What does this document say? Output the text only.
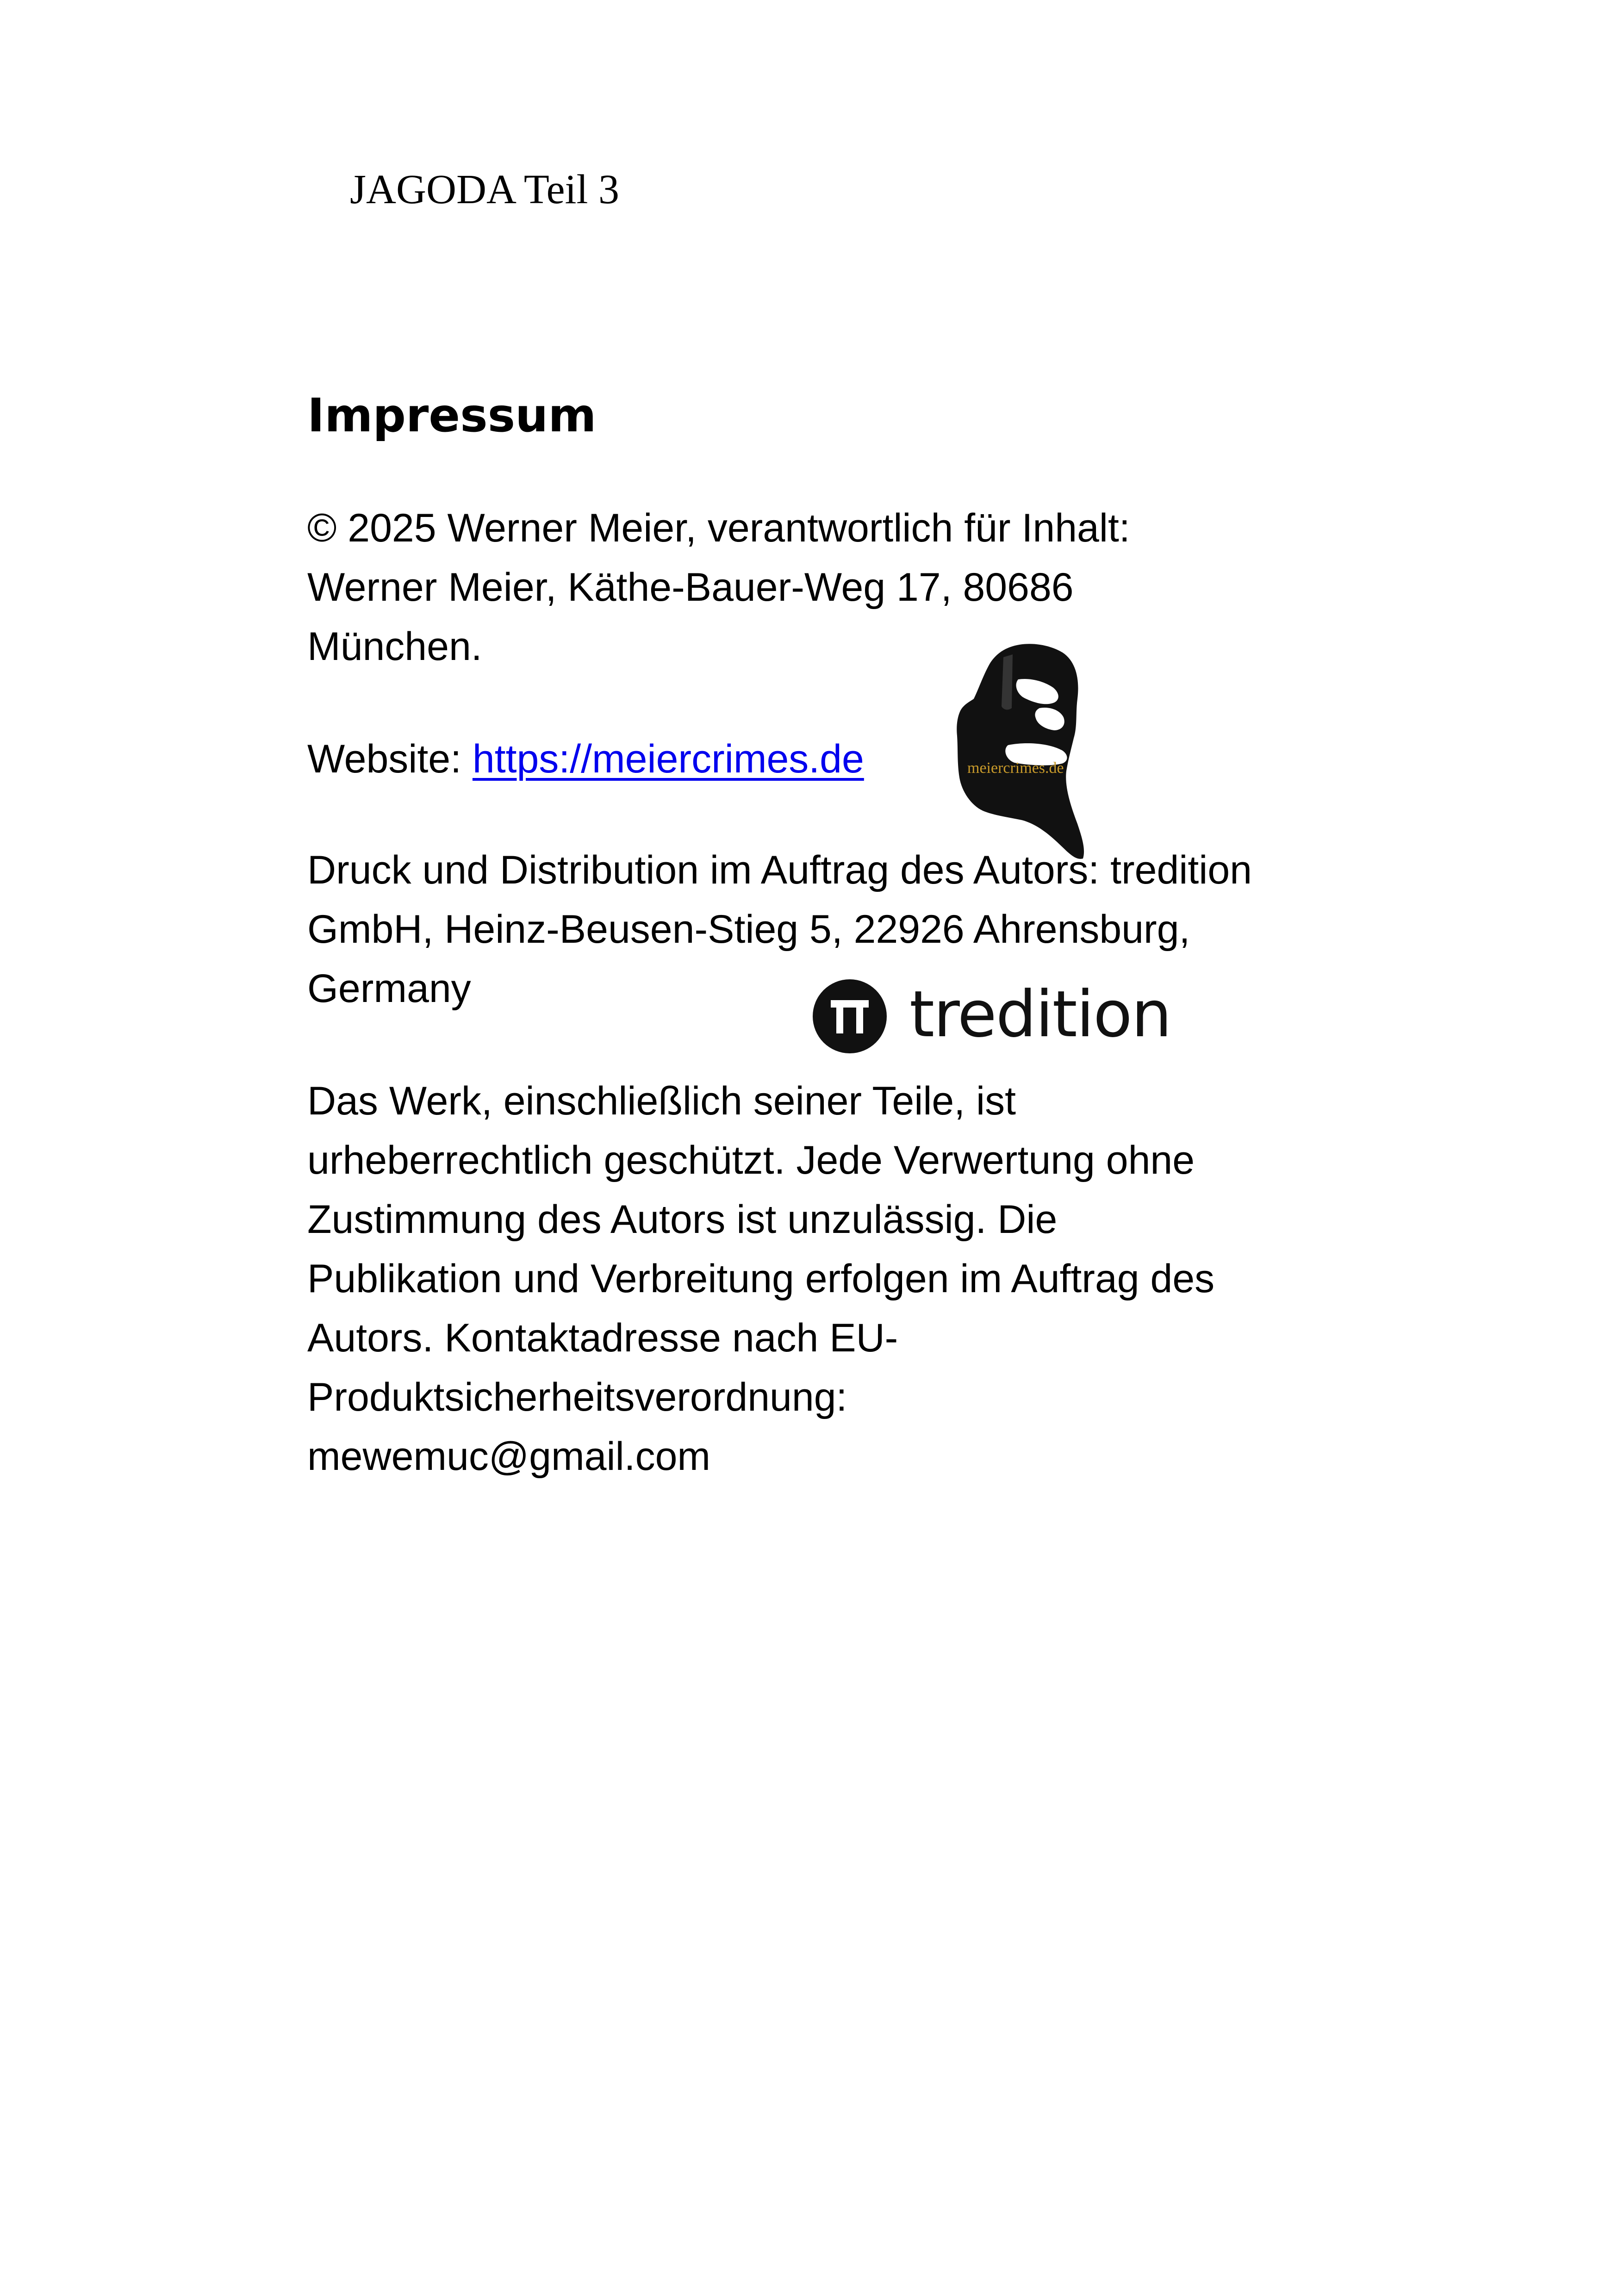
JAGODA Teil 3
Impressum
© 2025 Werner Meier, verantwortlich für Inhalt:
Werner Meier, Käthe-Bauer-Weg 17, 80686
München.
Website: https://meiercrimes.de	meiercrimes.de
Druck und Distribution im Auftrag des Autors: tredition
GmbH, Heinz-Beusen-Stieg 5, 22926 Ahrensburg,
Germany	tredition
Das Werk, einschließlich seiner Teile, ist
urheberrechtlich geschützt. Jede Verwertung ohne
Zustimmung des Autors ist unzulässig. Die
Publikation und Verbreitung erfolgen im Auftrag des
Autors. Kontaktadresse nach EU-
Produktsicherheitsverordnung:
mewemuc@gmail.com
